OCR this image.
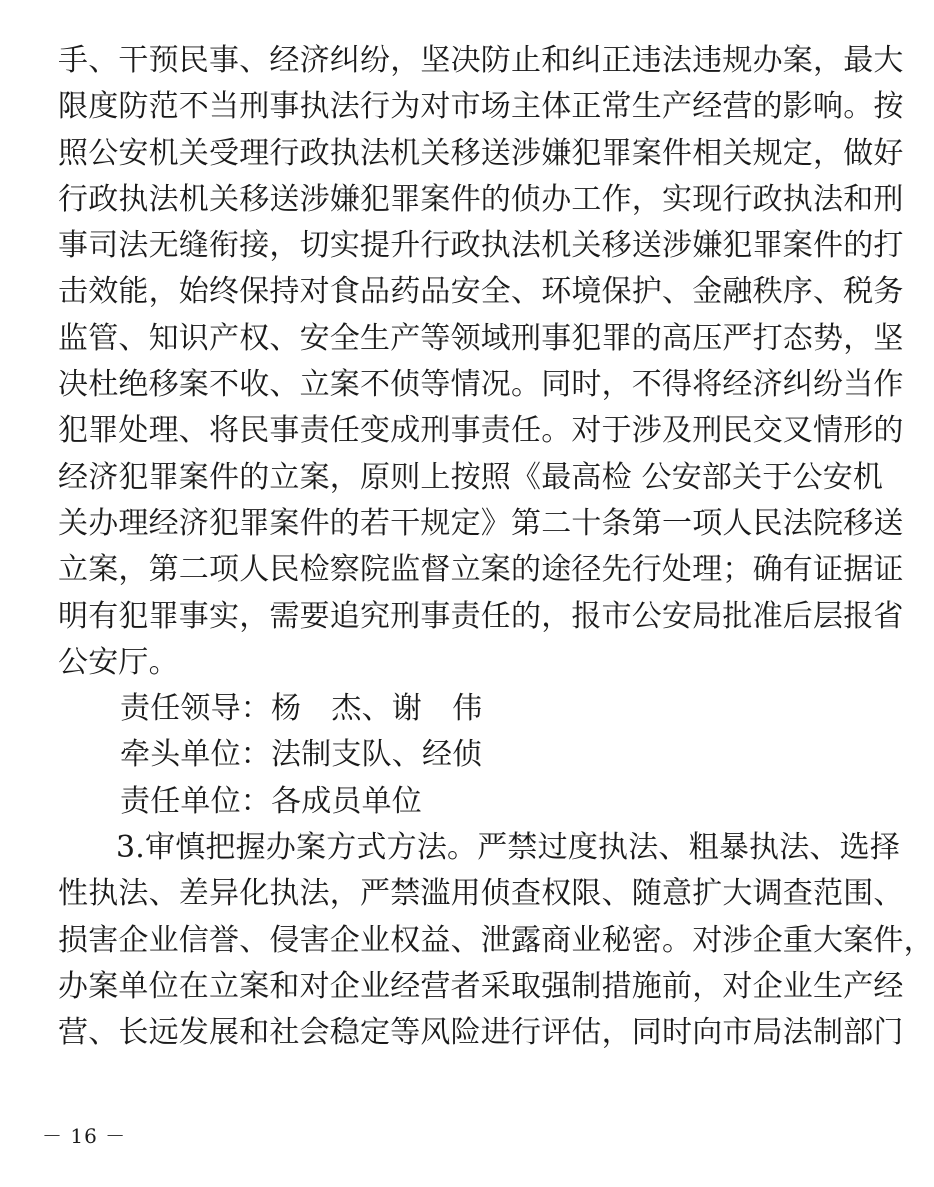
手、干预民事、经济纠纷，坚决防止和纠正违法违规办案，最大
限度防范不当刑事执法行为对市场主体正常生产经营的影响。按
照公安机关受理行政执法机关移送涉嫌犯罪案件相关规定，做好
行政执法机关移送涉嫌犯罪案件的侦办工作，实现行政执法和刑
事司法无缝衔接，切实提升行政执法机关移送涉嫌犯罪案件的打
击效能，始终保持对食品药品安全、环境保护、金融秩序、税务
监管、知识产权、安全生产等领域刑事犯罪的高压严打态势，坚
决杜绝移案不收、立案不侦等情况。同时，不得将经济纠纷当作
犯罪处理、将民事责任变成刑事责任。对于涉及刑民交叉情形的
经济犯罪案件的立案，原则上按照《最高检 公安部关于公安机
关办理经济犯罪案件的若干规定》第二十条第一项人民法院移送
立案，第二项人民检察院监督立案的途径先行处理；确有证据证
明有犯罪事实，需要追究刑事责任的，报市公安局批准后层报省
公安厅。
责任领导：杨　杰、谢　伟
牵头单位：法制支队、经侦
责任单位：各成员单位
3.审慎把握办案方式方法。严禁过度执法、粗暴执法、选择
性执法、差异化执法，严禁滥用侦查权限、随意扩大调查范围、
损害企业信誉、侵害企业权益、泄露商业秘密。对涉企重大案件，
办案单位在立案和对企业经营者采取强制措施前，对企业生产经
营、长远发展和社会稳定等风险进行评估，同时向市局法制部门
－ 16 －
